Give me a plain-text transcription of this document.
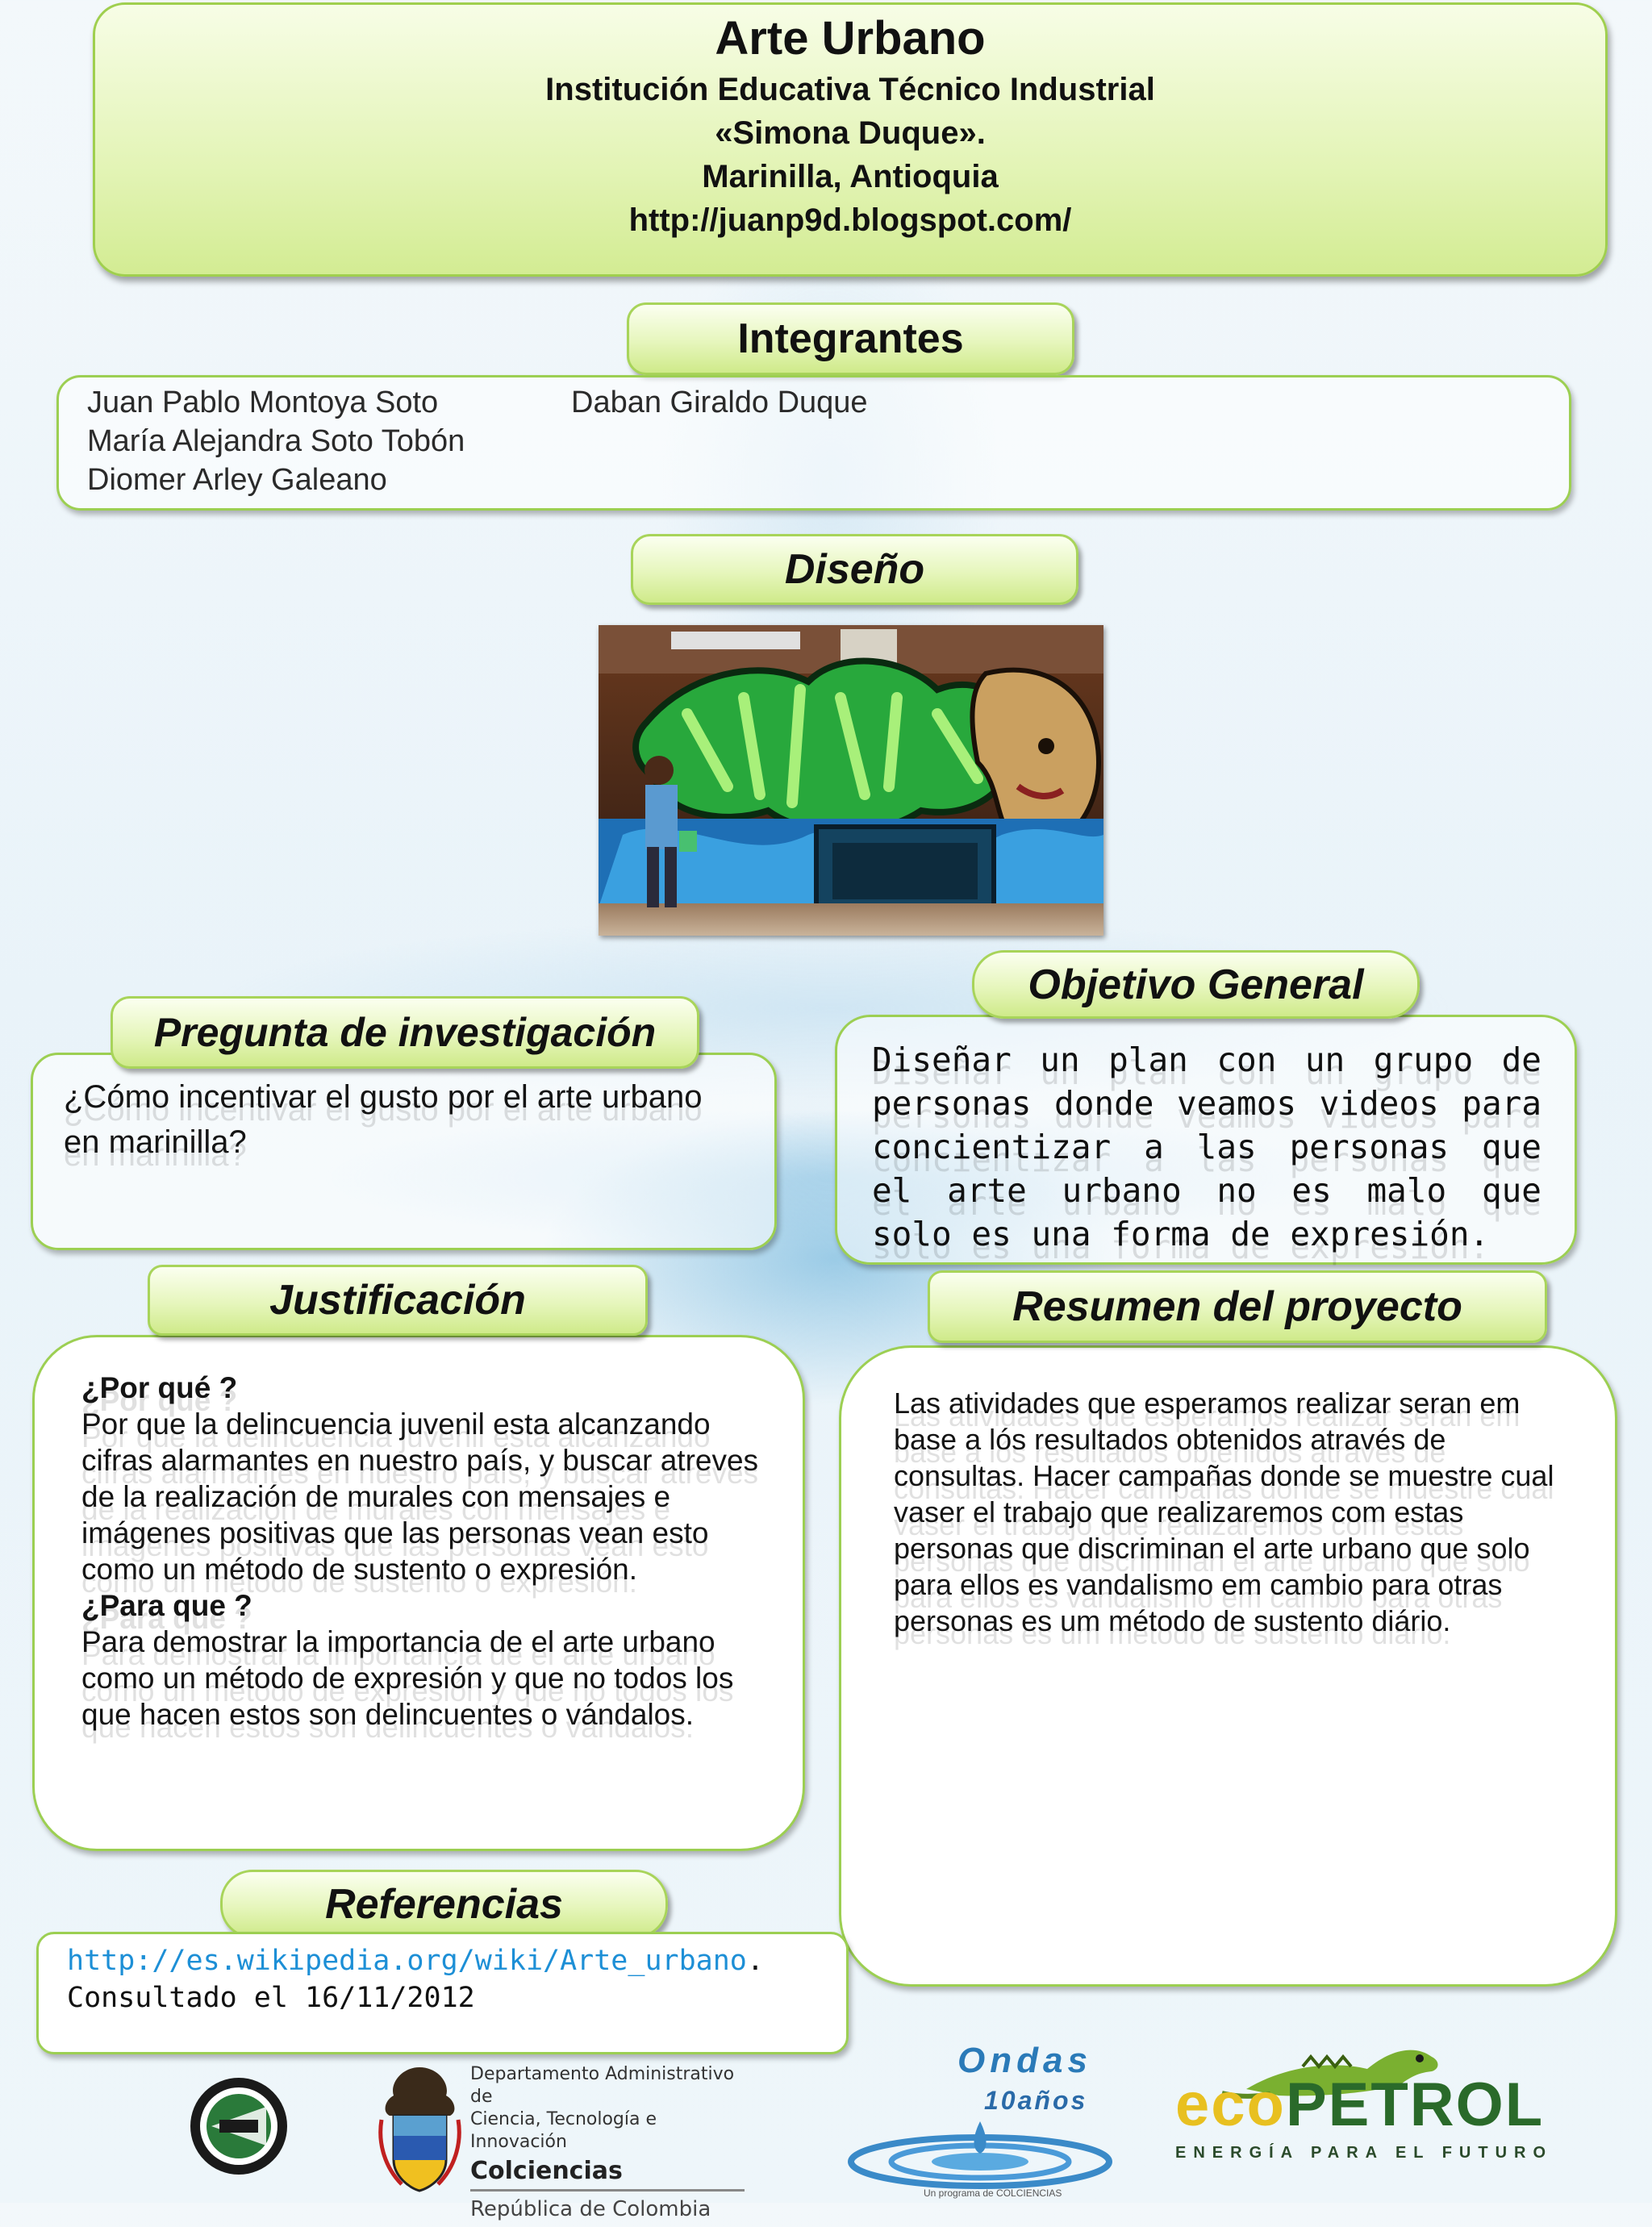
Arte Urbano
Institución Educativa Técnico Industrial
«Simona Duque».
Marinilla, Antioquia
http://juanp9d.blogspot.com/
Integrantes
Juan Pablo Montoya Soto
María Alejandra Soto Tobón
Diomer Arley Galeano
Daban Giraldo Duque
Diseño
¿Cómo incentivar el gusto por el arte urbano en marinilla?
Pregunta de investigación
Diseñar un plan con un grupo de personas donde veamos videos para concientizar a las personas que el arte urbano no es malo que solo es una forma de expresión.
Objetivo General
¿Por qué ?
Por que la delincuencia juvenil esta alcanzando cifras alarmantes en nuestro país, y buscar atreves de la realización de murales con mensajes e imágenes positivas que las personas vean esto como un método de sustento o expresión.
¿Para que ?
Para demostrar la importancia de el arte urbano como un método de expresión y que no todos los que hacen estos son delincuentes o vándalos.
Justificación
Las atividades que esperamos realizar seran em base a lós resultados obtenidos através de consultas. Hacer campañas donde se muestre cual vaser el trabajo que realizaremos com estas personas que discriminan el arte urbano que solo para ellos es vandalismo em cambio para otras personas es um método de sustento diário.
Resumen del proyecto
Referencias
http://es.wikipedia.org/wiki/Arte_urbano.
Consultado el 16/11/2012
Departamento Administrativo de
Ciencia, Tecnología e Innovación
Colciencias
República de Colombia
Ondas
10años
Un programa de COLCIENCIAS
ecoPETROL
ENERGÍA PARA EL FUTURO
